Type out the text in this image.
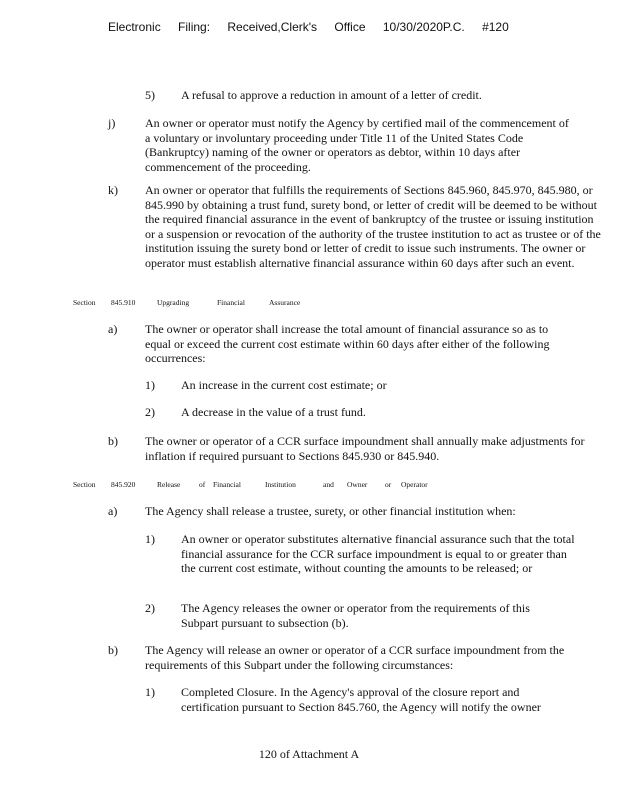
Electronic Filing: Received,Clerk's Office 10/30/2020P.C. #120
5) A refusal to approve a reduction in amount of a letter of credit.
j) An owner or operator must notify the Agency by certified mail of the commencement of a voluntary or involuntary proceeding under Title 11 of the United States Code (Bankruptcy) naming of the owner or operators as debtor, within 10 days after commencement of the proceeding.
k) An owner or operator that fulfills the requirements of Sections 845.960, 845.970, 845.980, or 845.990 by obtaining a trust fund, surety bond, or letter of credit will be deemed to be without the required financial assurance in the event of bankruptcy of the trustee or issuing institution or a suspension or revocation of the authority of the trustee institution to act as trustee or of the institution issuing the surety bond or letter of credit to issue such instruments. The owner or operator must establish alternative financial assurance within 60 days after such an event.
Section 845.910	Upgrading	Financial	Assurance
a) The owner or operator shall increase the total amount of financial assurance so as to equal or exceed the current cost estimate within 60 days after either of the following occurrences:
1) An increase in the current cost estimate; or
2) A decrease in the value of a trust fund.
b) The owner or operator of a CCR surface impoundment shall annually make adjustments for inflation if required pursuant to Sections 845.930 or 845.940.
Section 845.920	Release of Financial	Institution	and Owner or Operator
a) The Agency shall release a trustee, surety, or other financial institution when:
1) An owner or operator substitutes alternative financial assurance such that the total financial assurance for the CCR surface impoundment is equal to or greater than the current cost estimate, without counting the amounts to be released; or
2) The Agency releases the owner or operator from the requirements of this Subpart pursuant to subsection (b).
b) The Agency will release an owner or operator of a CCR surface impoundment from the requirements of this Subpart under the following circumstances:
1) Completed Closure. In the Agency's approval of the closure report and certification pursuant to Section 845.760, the Agency will notify the owner
120 of Attachment A
